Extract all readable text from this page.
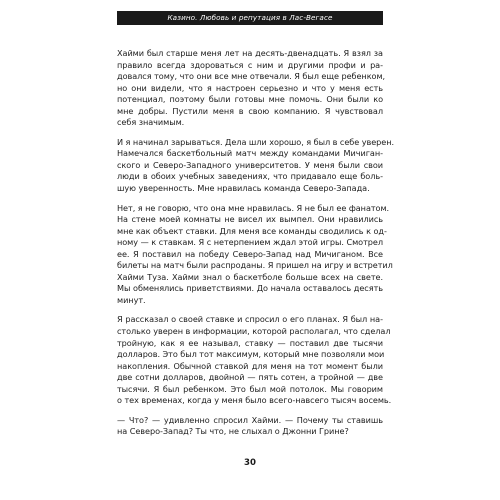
Казино. Любовь и репутация в Лас-Вегасе
Хайми был старше меня лет на десять-двенадцать. Я взял за
правило всегда здороваться с ним и другими профи и ра-
довался тому, что они все мне отвечали. Я был еще ребенком,
но они видели, что я настроен серьезно и что у меня есть
потенциал, поэтому были готовы мне помочь. Они были ко
мне добры. Пустили меня в свою компанию. Я чувствовал
себя значимым.
И я начинал зарываться. Дела шли хорошо, я был в себе уверен.
Намечался баскетбольный матч между командами Мичиган-
ского и Северо-Западного университетов. У меня были свои
люди в обоих учебных заведениях, что придавало еще боль-
шую уверенность. Мне нравилась команда Северо-Запада.
Нет, я не говорю, что она мне нравилась. Я не был ее фанатом.
На стене моей комнаты не висел их вымпел. Они нравились
мне как объект ставки. Для меня все команды сводились к од-
ному — к ставкам. Я с нетерпением ждал этой игры. Смотрел
ее. Я поставил на победу Северо-Запад над Мичиганом. Все
билеты на матч были распроданы. Я пришел на игру и встретил
Хайми Туза. Хайми знал о баскетболе больше всех на свете.
Мы обменялись приветствиями. До начала оставалось десять
минут.
Я рассказал о своей ставке и спросил о его планах. Я был на-
столько уверен в информации, которой располагал, что сделал
тройную, как я ее называл, ставку — поставил две тысячи
долларов. Это был тот максимум, который мне позволяли мои
накопления. Обычной ставкой для меня на тот момент были
две сотни долларов, двойной — пять сотен, а тройной — две
тысячи. Я был ребенком. Это был мой потолок. Мы говорим
о тех временах, когда у меня было всего-навсего тысяч восемь.
— Что? — удивленно спросил Хайми. — Почему ты ставишь
на Северо-Запад? Ты что, не слыхал о Джонни Грине?
30
